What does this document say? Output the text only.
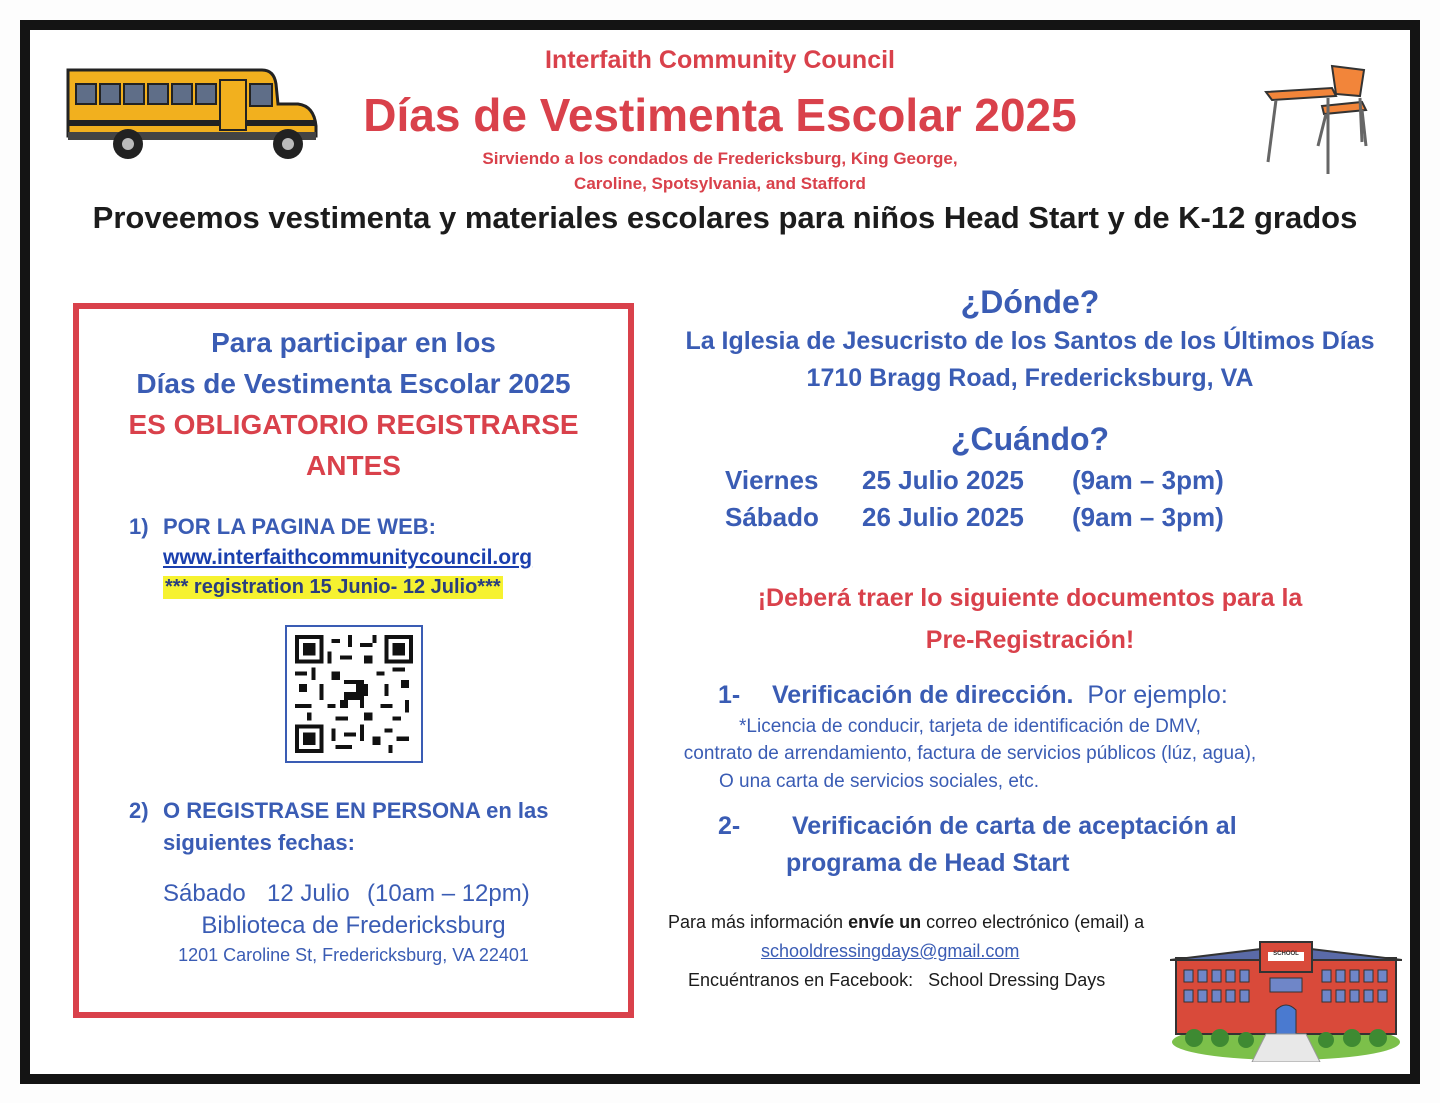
Interfaith Community Council
Días de Vestimenta Escolar 2025
Sirviendo a los condados de Fredericksburg, King George,
Caroline, Spotsylvania, and Stafford
Proveemos vestimenta y materiales escolares para niños Head Start y de K-12 grados
Para participar en los
Días de Vestimenta Escolar 2025
ES OBLIGATORIO REGISTRARSE
ANTES
1) POR LA PAGINA DE WEB:
www.interfaithcommunitycouncil.org
*** registration 15 Junio- 12 Julio***
2) O REGISTRASE EN PERSONA en las
siguientes fechas:
Sábado 12 Julio (10am – 12pm)
Biblioteca de Fredericksburg
1201 Caroline St, Fredericksburg, VA 22401
¿Dónde?
La Iglesia de Jesucristo de los Santos de los Últimos Días
1710 Bragg Road, Fredericksburg, VA
¿Cuándo?
Viernes 25 Julio 2025 (9am – 3pm)
Sábado 26 Julio 2025 (9am – 3pm)
¡Deberá traer lo siguiente documentos para la
Pre-Registración!
1- Verificación de dirección. Por ejemplo:
*Licencia de conducir, tarjeta de identificación de DMV,
contrato de arrendamiento, factura de servicios públicos (lúz, agua),
O una carta de servicios sociales, etc.
2- Verificación de carta de aceptación al
programa de Head Start
Para más información envíe un correo electrónico (email) a
schooldressingdays@gmail.com
Encuéntranos en Facebook: School Dressing Days
SCHOOL
